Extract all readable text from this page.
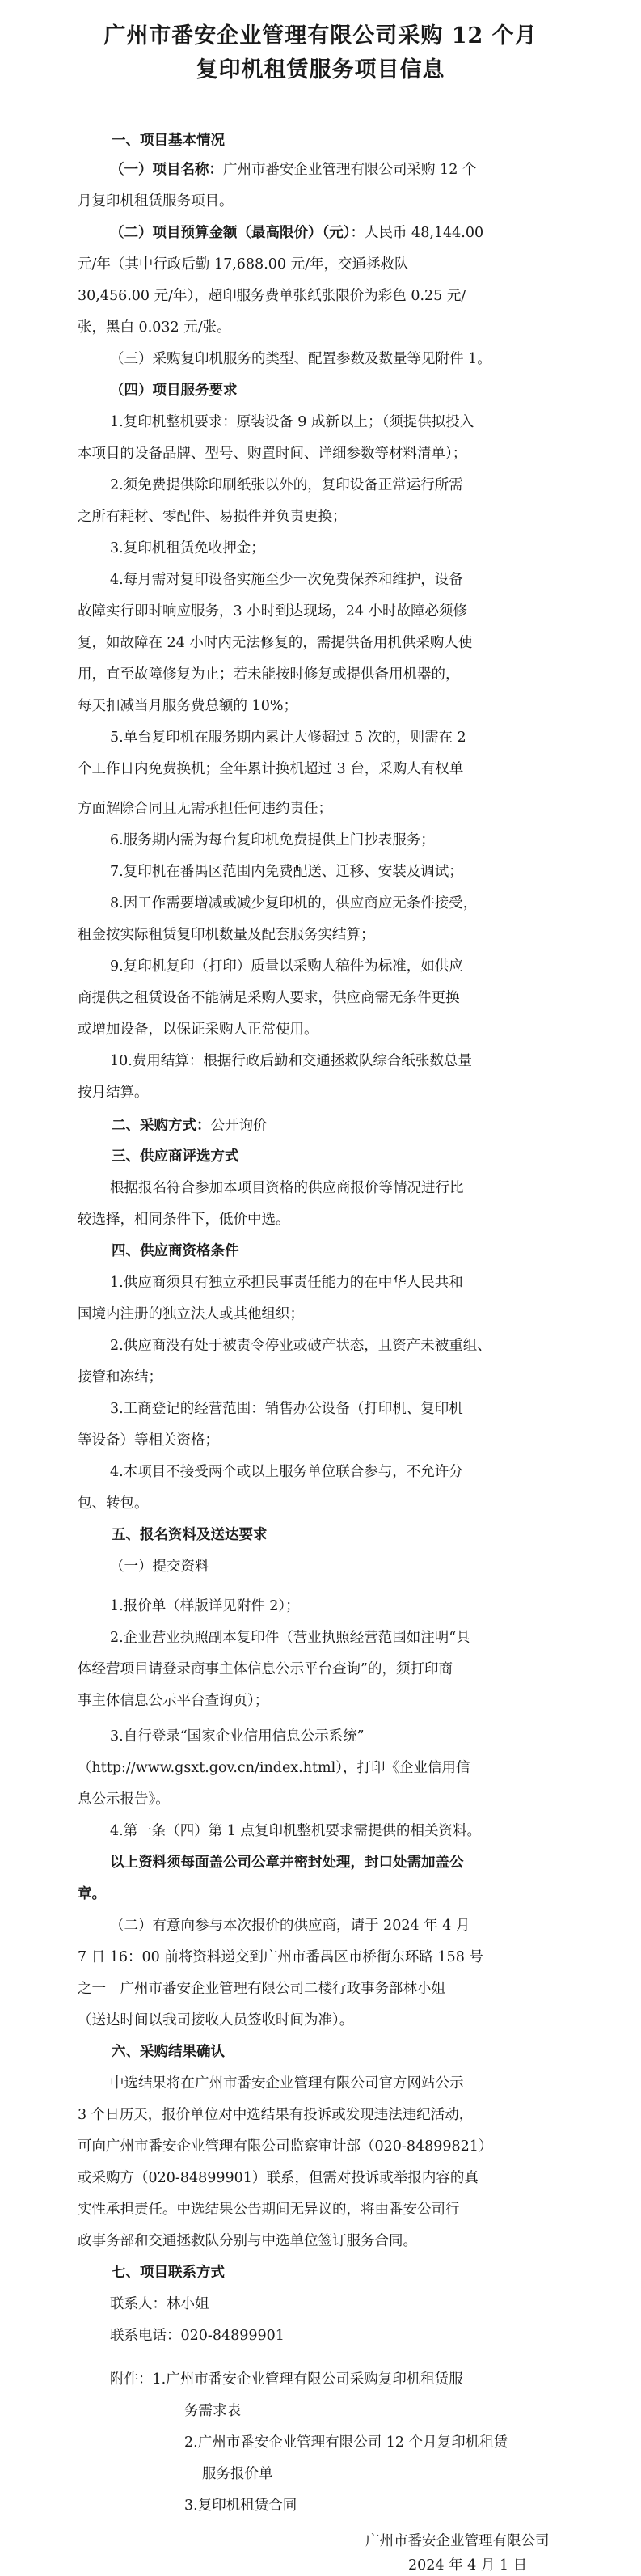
广州市番安企业管理有限公司采购 12 个月
复印机租赁服务项目信息
一、项目基本情况
（一）项目名称：广州市番安企业管理有限公司采购 12 个
月复印机租赁服务项目。
（二）项目预算金额（最高限价）（元）：人民币 48,144.00
元/年（其中行政后勤 17,688.00 元/年，交通拯救队
30,456.00 元/年），超印服务费单张纸张限价为彩色 0.25 元/
张，黑白 0.032 元/张。
（三）采购复印机服务的类型、配置参数及数量等见附件 1。
（四）项目服务要求
1.复印机整机要求：原装设备 9 成新以上；（须提供拟投入
本项目的设备品牌、型号、购置时间、详细参数等材料清单）；
2.须免费提供除印刷纸张以外的，复印设备正常运行所需
之所有耗材、零配件、易损件并负责更换；
3.复印机租赁免收押金；
4.每月需对复印设备实施至少一次免费保养和维护，设备
故障实行即时响应服务，3 小时到达现场，24 小时故障必须修
复，如故障在 24 小时内无法修复的，需提供备用机供采购人使
用，直至故障修复为止；若未能按时修复或提供备用机器的，
每天扣减当月服务费总额的 10%；
5.单台复印机在服务期内累计大修超过 5 次的，则需在 2
个工作日内免费换机；全年累计换机超过 3 台，采购人有权单
方面解除合同且无需承担任何违约责任；
6.服务期内需为每台复印机免费提供上门抄表服务；
7.复印机在番禺区范围内免费配送、迁移、安装及调试；
8.因工作需要增减或减少复印机的，供应商应无条件接受，
租金按实际租赁复印机数量及配套服务实结算；
9.复印机复印（打印）质量以采购人稿件为标准，如供应
商提供之租赁设备不能满足采购人要求，供应商需无条件更换
或增加设备，以保证采购人正常使用。
10.费用结算：根据行政后勤和交通拯救队综合纸张数总量
按月结算。
二、采购方式：公开询价
三、供应商评选方式
根据报名符合参加本项目资格的供应商报价等情况进行比
较选择，相同条件下，低价中选。
四、供应商资格条件
1.供应商须具有独立承担民事责任能力的在中华人民共和
国境内注册的独立法人或其他组织；
2.供应商没有处于被责令停业或破产状态，且资产未被重组、
接管和冻结；
3.工商登记的经营范围：销售办公设备（打印机、复印机
等设备）等相关资格；
4.本项目不接受两个或以上服务单位联合参与，不允许分
包、转包。
五、报名资料及送达要求
（一）提交资料
1.报价单（样版详见附件 2）；
2.企业营业执照副本复印件（营业执照经营范围如注明“具
体经营项目请登录商事主体信息公示平台查询”的，须打印商
事主体信息公示平台查询页）；
3.自行登录“国家企业信用信息公示系统”
（http://www.gsxt.gov.cn/index.html），打印《企业信用信
息公示报告》。
4.第一条（四）第 1 点复印机整机要求需提供的相关资料。
以上资料须每面盖公司公章并密封处理，封口处需加盖公
章。
（二）有意向参与本次报价的供应商，请于 2024 年 4 月
7 日 16：00 前将资料递交到广州市番禺区市桥街东环路 158 号
之一　广州市番安企业管理有限公司二楼行政事务部林小姐
（送达时间以我司接收人员签收时间为准）。
六、采购结果确认
中选结果将在广州市番安企业管理有限公司官方网站公示
3 个日历天，报价单位对中选结果有投诉或发现违法违纪活动，
可向广州市番安企业管理有限公司监察审计部（020-84899821）
或采购方（020-84899901）联系，但需对投诉或举报内容的真
实性承担责任。中选结果公告期间无异议的，将由番安公司行
政事务部和交通拯救队分别与中选单位签订服务合同。
七、项目联系方式
联系人：林小姐
联系电话：020-84899901
附件：1.广州市番安企业管理有限公司采购复印机租赁服
务需求表
2.广州市番安企业管理有限公司 12 个月复印机租赁
服务报价单
3.复印机租赁合同
广州市番安企业管理有限公司
2024 年 4 月 1 日
